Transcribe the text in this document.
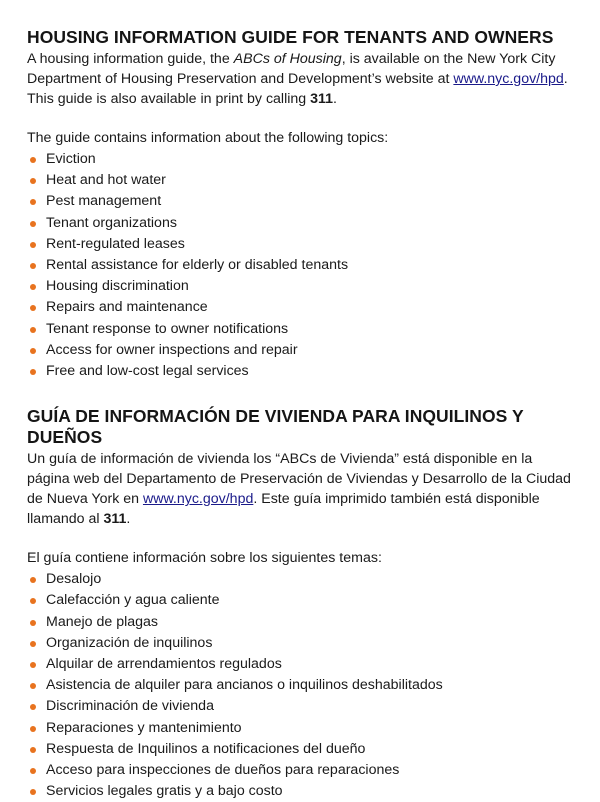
HOUSING INFORMATION GUIDE FOR TENANTS AND OWNERS

A housing information guide, the ABCs of Housing, is available on the New York City Department of Housing Preservation and Development’s website at www.nyc.gov/hpd. This guide is also available in print by calling 311.

The guide contains information about the following topics:

Eviction
Heat and hot water
Pest management
Tenant organizations
Rent-regulated leases
Rental assistance for elderly or disabled tenants
Housing discrimination
Repairs and maintenance
Tenant response to owner notifications
Access for owner inspections and repair
Free and low-cost legal services
GUÍA DE INFORMACIÓN DE VIVIENDA PARA INQUILINOS Y DUEÑOS

Un guía de información de vivienda los “ABCs de Vivienda” está disponible en la página web del Departamento de Preservación de Viviendas y Desarrollo de la Ciudad de Nueva York en www.nyc.gov/hpd. Este guía imprimido también está disponible llamando al 311.

El guía contiene información sobre los siguientes temas:

Desalojo
Calefacción y agua caliente
Manejo de plagas
Organización de inquilinos
Alquilar de arrendamientos regulados
Asistencia de alquiler para ancianos o inquilinos deshabilitados
Discriminación de vivienda
Reparaciones y mantenimiento
Respuesta de Inquilinos a notificaciones del dueño
Acceso para inspecciones de dueños para reparaciones
Servicios legales gratis y a bajo costo
